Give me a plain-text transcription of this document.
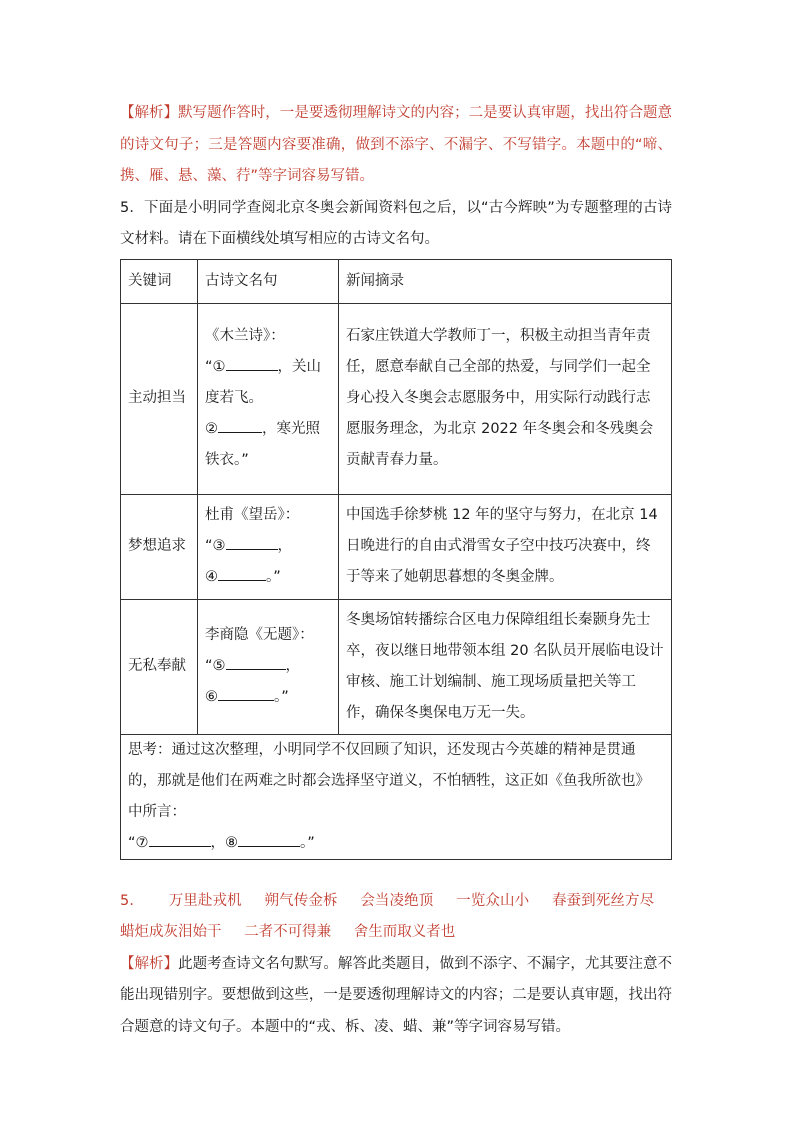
【解析】默写题作答时，一是要透彻理解诗文的内容；二是要认真审题，找出符合题意的诗文句子；三是答题内容要准确，做到不添字、不漏字、不写错字。本题中的“啼、携、雁、悬、藻、荇”等字词容易写错。

5．下面是小明同学查阅北京冬奥会新闻资料包之后，以“古今辉映”为专题整理的古诗文材料。请在下面横线处填写相应的古诗文名句。

关键词	古诗文名句	新闻摘录
主动担当	《木兰诗》：
“① ，关山度若飞。
② ，寒光照铁衣。”	石家庄铁道大学教师丁一，积极主动担当青年责任，愿意奉献自己全部的热爱，与同学们一起全身心投入冬奥会志愿服务中，用实际行动践行志愿服务理念，为北京 2022 年冬奥会和冬残奥会贡献青春力量。
梦想追求	杜甫《望岳》：
“③ ，
④ 。”	中国选手徐梦桃 12 年的坚守与努力，在北京 14 日晚进行的自由式滑雪女子空中技巧决赛中，终于等来了她朝思暮想的冬奥金牌。
无私奉献	李商隐《无题》：
“⑤ ，
⑥ 。”	冬奥场馆转播综合区电力保障组组长秦颢身先士卒，夜以继日地带领本组 20 名队员开展临电设计审核、施工计划编制、施工现场质量把关等工作，确保冬奥保电万无一失。
思考：通过这次整理，小明同学不仅回顾了知识，还发现古今英雄的精神是贯通的，那就是他们在两难之时都会选择坚守道义，不怕牺牲，这正如《鱼我所欲也》中所言：
“⑦ ，⑧ 。”		
5． 万里赴戎机 朔气传金柝 会当凌绝顶 一览众山小 春蚕到死丝方尽 蜡炬成灰泪始干 二者不可得兼 舍生而取义者也

【解析】此题考查诗文名句默写。解答此类题目，做到不添字、不漏字，尤其要注意不能出现错别字。要想做到这些，一是要透彻理解诗文的内容；二是要认真审题，找出符合题意的诗文句子。本题中的“戎、柝、凌、蜡、兼”等字词容易写错。
